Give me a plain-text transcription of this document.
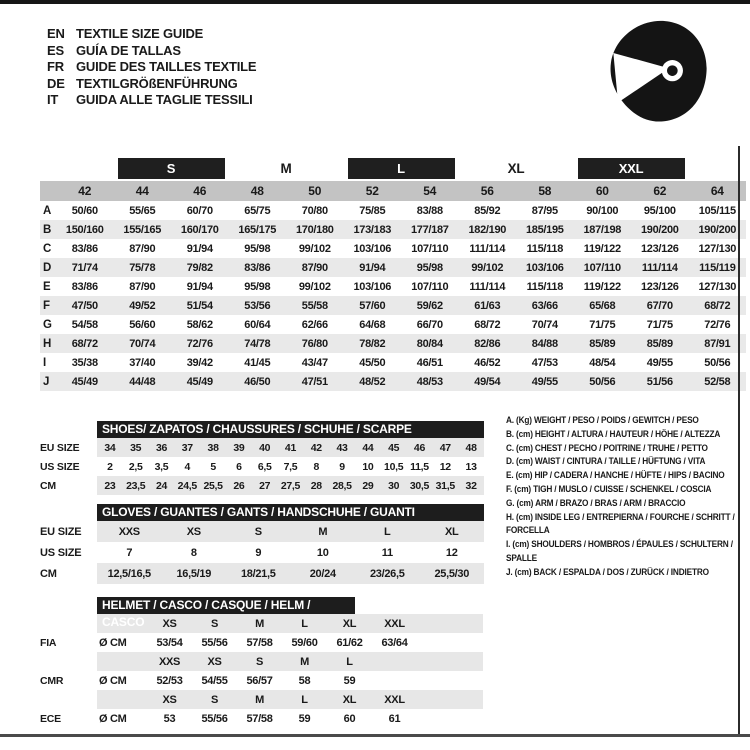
EN TEXTILE SIZE GUIDE
ES GUÍA DE TALLAS
FR GUIDE DES TAILLES TEXTILE
DE TEXTILGRÖßENFÜHRUNG
IT	GUIDA ALLE TAGLIE TESSILI

		S		M		L		XL		XXL		

	42	44	46	48	50	52	54	56	58	60	62	64
A	50/60	55/65	60/70	65/75	70/80	75/85	83/88	85/92	87/95	90/100	95/100	105/115
B	150/160	155/165	160/170	165/175	170/180	173/183	177/187	182/190	185/195	187/198	190/200	190/200
C	83/86	87/90	91/94	95/98	99/102	103/106	107/110	111/114	115/118	119/122	123/126	127/130
D	71/74	75/78	79/82	83/86	87/90	91/94	95/98	99/102	103/106	107/110	111/114	115/119
E	83/86	87/90	91/94	95/98	99/102	103/106	107/110	111/114	115/118	119/122	123/126	127/130
F	47/50	49/52	51/54	53/56	55/58	57/60	59/62	61/63	63/66	65/68	67/70	68/72
G	54/58	56/60	58/62	60/64	62/66	64/68	66/70	68/72	70/74	71/75	71/75	72/76
H	68/72	70/74	72/76	74/78	76/80	78/82	80/84	82/86	84/88	85/89	85/89	87/91
I	35/38	37/40	39/42	41/45	43/47	45/50	46/51	46/52	47/53	48/54	49/55	50/56
J	45/49	44/48	45/49	46/50	47/51	48/52	48/53	49/54	49/55	50/56	51/56	52/58
SHOES/ ZAPATOS / CHAUSSURES / SCHUHE / SCARPE
EU SIZE	34	35	36	37	38	39	40	41	42	43	44	45	46	47	48
US SIZE	2	2,5	3,5	4	5	6	6,5	7,5	8	9	10	10,5	11,5	12	13
CM	23	23,5	24	24,5	25,5	26	27	27,5	28	28,5	29	30	30,5	31,5	32
GLOVES / GUANTES / GANTS / HANDSCHUHE / GUANTI
EU SIZE	XXS	XS	S	M	L	XL
US SIZE	7	8	9	10	11	12
CM	12,5/16,5	16,5/19	18/21,5	20/24	23/26,5	25,5/30
HELMET / CASCO / CASQUE / HELM / CASCO
			XS	S	M	L	XL	XXL	
FIA	Ø CM	53/54	55/56	57/58	59/60	61/62	63/64	
		XXS	XS	S	M	L		
CMR	Ø CM	52/53	54/55	56/57	58	59		
		XS	S	M	L	XL	XXL	
ECE	Ø CM	53	55/56	57/58	59	60	61	
A. (Kg) WEIGHT / PESO / POIDS / GEWITCH / PESO
B. (cm) HEIGHT / ALTURA / HAUTEUR / HÖHE / ALTEZZA
C. (cm) CHEST / PECHO / POITRINE / TRUHE / PETTO
D. (cm) WAIST / CINTURA / TAILLE / HÜFTUNG / VITA
E. (cm) HIP / CADERA / HANCHE / HÜFTE / HIPS / BACINO
F. (cm) TIGH / MUSLO / CUISSE / SCHENKEL / COSCIA
G. (cm) ARM / BRAZO / BRAS / ARM / BRACCIO
H. (cm) INSIDE LEG / ENTREPIERNA / FOURCHE / SCHRITT / FORCELLA
I. (cm) SHOULDERS / HOMBROS / ÉPAULES / SCHULTERN / SPALLE
J. (cm) BACK / ESPALDA / DOS / ZURÜCK / INDIETRO
